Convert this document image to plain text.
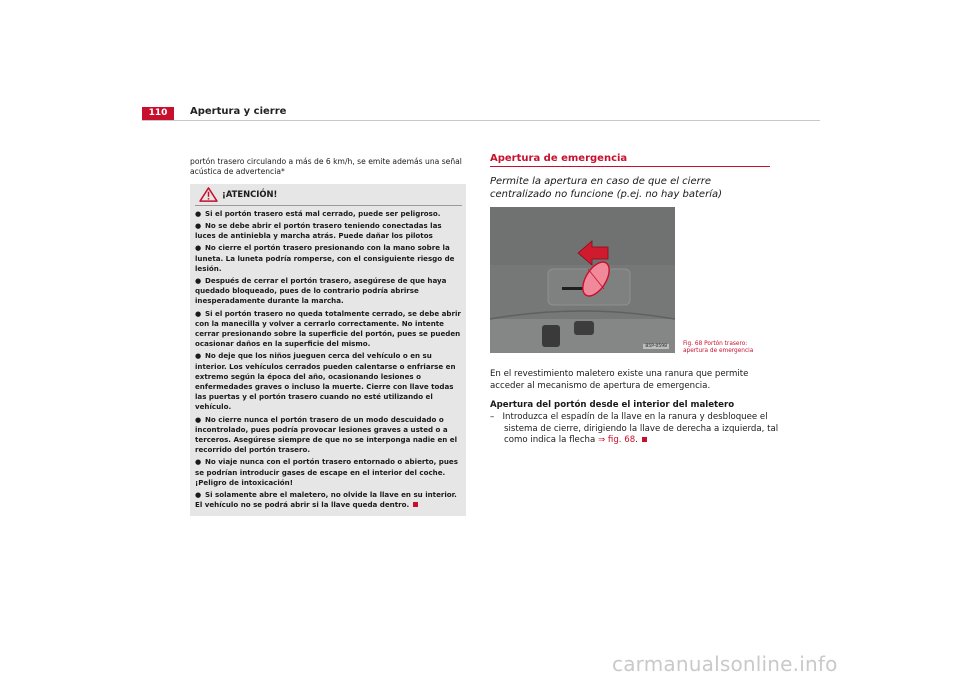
110	Apertura y cierre

portón trasero circulando a más de 6 km/h, se emite además una señal acústica de advertencia*

¡ATENCIÓN!

● Si el portón trasero está mal cerrado, puede ser peligroso.

● No se debe abrir el portón trasero teniendo conectadas las luces de antiniebla y marcha atrás. Puede dañar los pilotos

● No cierre el portón trasero presionando con la mano sobre la luneta. La luneta podría romperse, con el consiguiente riesgo de lesión.

● Después de cerrar el portón trasero, asegúrese de que haya quedado bloqueado, pues de lo contrario podría abrirse inesperadamente durante la marcha.

● Si el portón trasero no queda totalmente cerrado, se debe abrir con la manecilla y volver a cerrarlo correctamente. No intente cerrar presionando sobre la superficie del portón, pues se pueden ocasionar daños en la superficie del mismo.

● No deje que los niños jueguen cerca del vehículo o en su interior. Los vehículos cerrados pueden calentarse o enfriarse en extremo según la época del año, ocasionando lesiones o enfermedades graves o incluso la muerte. Cierre con llave todas las puertas y el portón trasero cuando no esté utilizando el vehículo.

● No cierre nunca el portón trasero de un modo descuidado o incontrolado, pues podría provocar lesiones graves a usted o a terceros. Asegúrese siempre de que no se interponga nadie en el recorrido del portón trasero.

● No viaje nunca con el portón trasero entornado o abierto, pues se podrían introducir gases de escape en el interior del coche. ¡Peligro de intoxicación!

● Si solamente abre el maletero, no olvide la llave en su interior. El vehículo no se podrá abrir si la llave queda dentro.

Apertura de emergencia

Permite la apertura en caso de que el cierre centralizado no funcione (p.ej. no hay batería)

B5P-0598

En el revestimiento maletero existe una ranura que permite acceder al mecanismo de apertura de emergencia.

Apertura del portón desde el interior del maletero

– Introduzca el espadín de la llave en la ranura y desbloquee el sistema de cierre, dirigiendo la llave de derecha a izquierda, tal como indica la flecha ⇒ fig. 68.

Fig. 68 Portón trasero:
apertura de emergencia
carmanualsonline.info
